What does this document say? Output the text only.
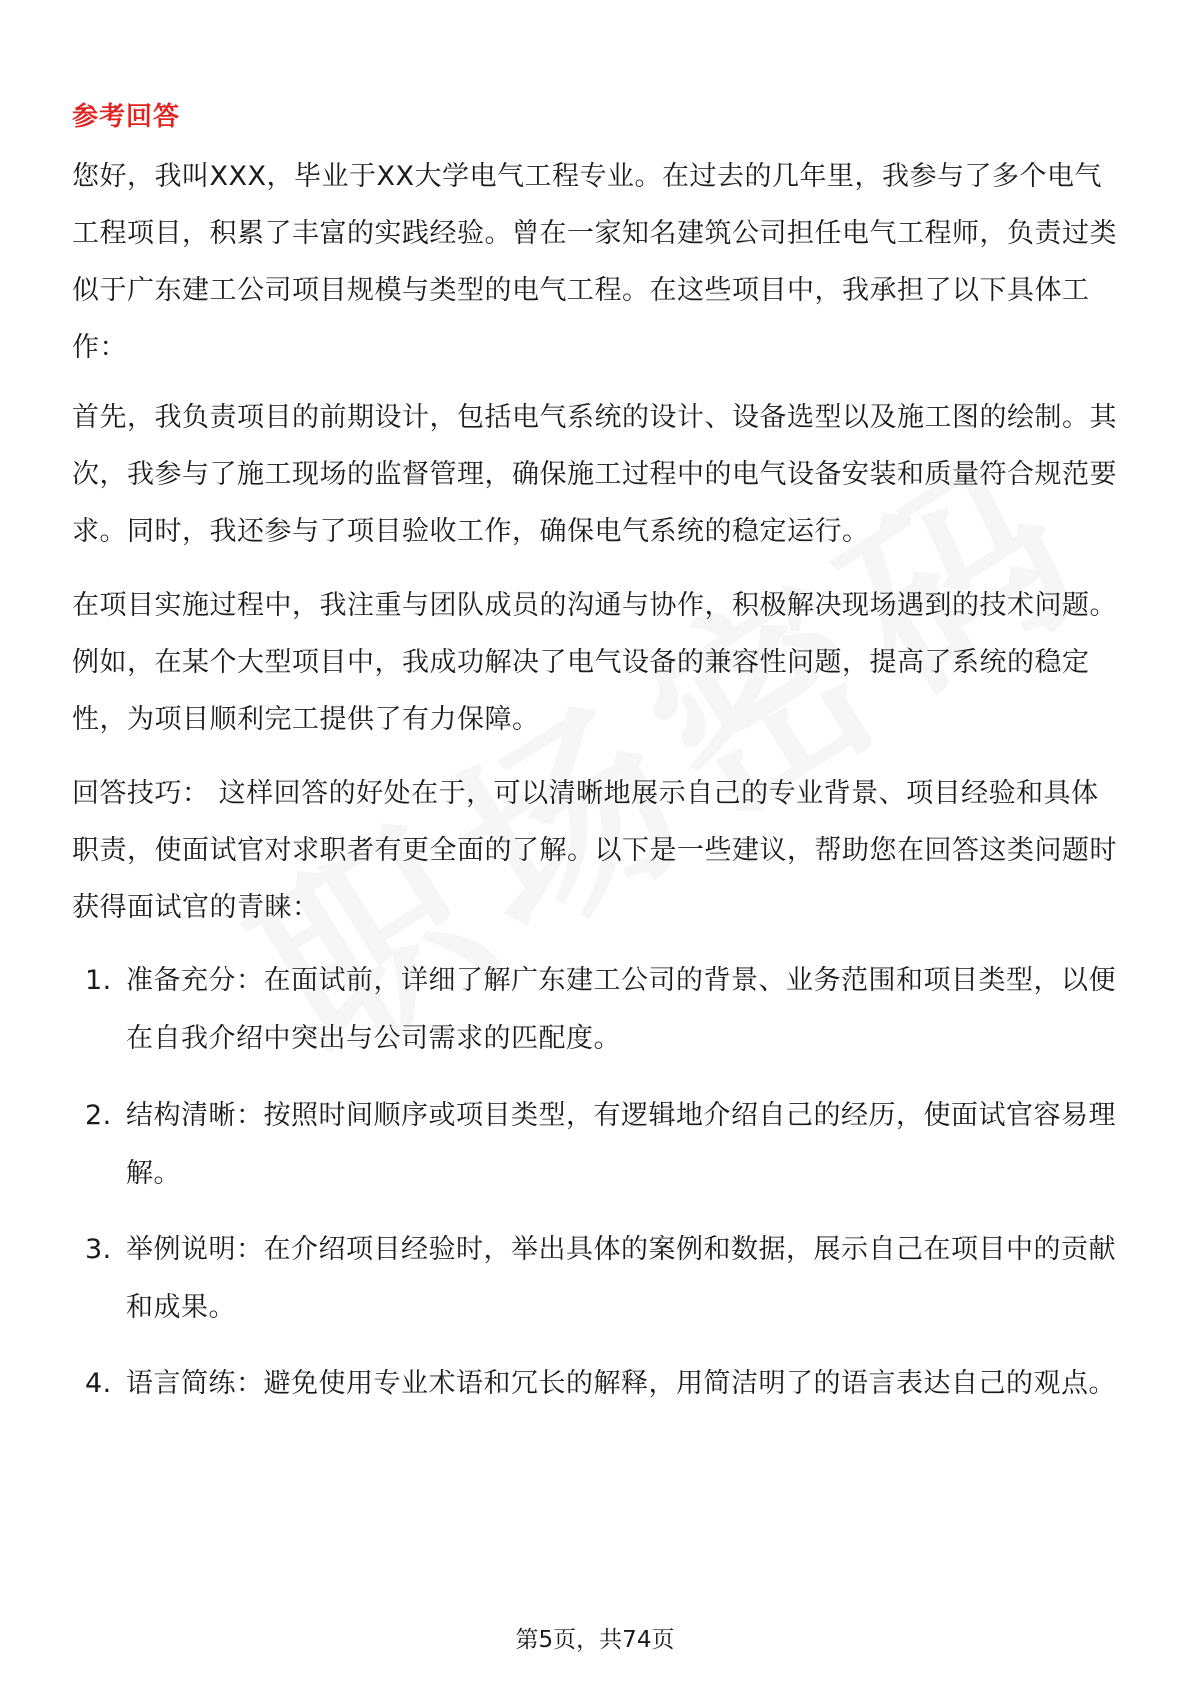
参考回答

您好，我叫XXX，毕业于XX大学电气工程专业。在过去的几年里，我参与了多个电气工程项目，积累了丰富的实践经验。曾在一家知名建筑公司担任电气工程师，负责过类似于广东建工公司项目规模与类型的电气工程。在这些项目中，我承担了以下具体工作：

首先，我负责项目的前期设计，包括电气系统的设计、设备选型以及施工图的绘制。其次，我参与了施工现场的监督管理，确保施工过程中的电气设备安装和质量符合规范要求。同时，我还参与了项目验收工作，确保电气系统的稳定运行。

在项目实施过程中，我注重与团队成员的沟通与协作，积极解决现场遇到的技术问题。例如，在某个大型项目中，我成功解决了电气设备的兼容性问题，提高了系统的稳定性，为项目顺利完工提供了有力保障。

回答技巧： 这样回答的好处在于，可以清晰地展示自己的专业背景、项目经验和具体职责，使面试官对求职者有更全面的了解。以下是一些建议，帮助您在回答这类问题时获得面试官的青睐：

1. 准备充分：在面试前，详细了解广东建工公司的背景、业务范围和项目类型，以便在自我介绍中突出与公司需求的匹配度。
2. 结构清晰：按照时间顺序或项目类型，有逻辑地介绍自己的经历，使面试官容易理解。
3. 举例说明：在介绍项目经验时，举出具体的案例和数据，展示自己在项目中的贡献和成果。
4. 语言简练：避免使用专业术语和冗长的解释，用简洁明了的语言表达自己的观点。
第5页，共74页
